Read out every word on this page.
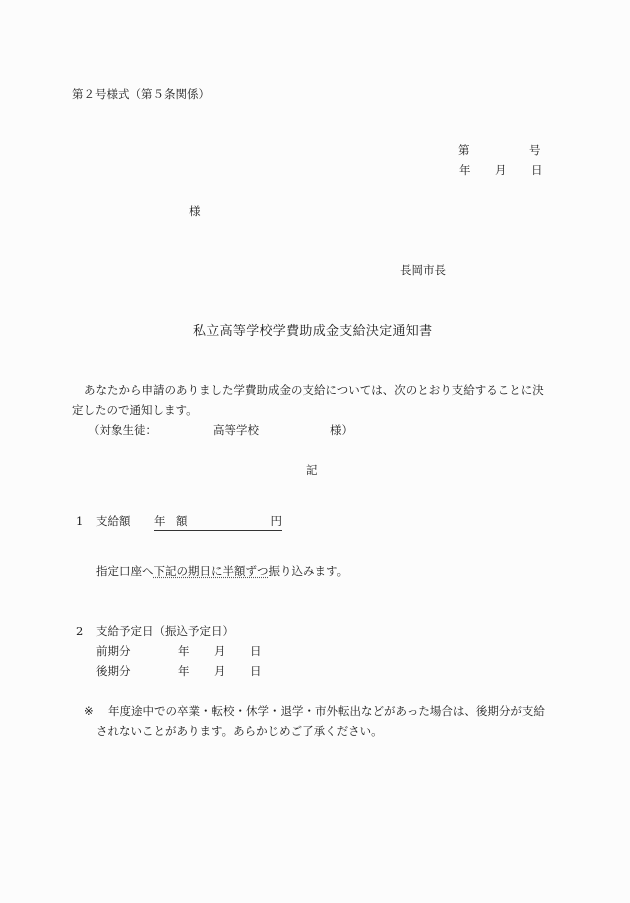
第２号様式（第５条関係）
第	号
年 月 日
様
長岡市長
私立高等学校学費助成金支給決定通知書
あなたから申請のありました学費助成金の支給については、次のとおり支給することに決
定したので通知します。
（対象生徒：	高等学校	様）
記
1 支給額 年 額	円
指定口座へ下記の期日に半額ずつ振り込みます。
2 支給予定日（振込予定日）
前期分	年 月 日
後期分	年 月 日
※ 年度途中での卒業・転校・休学・退学・市外転出などがあった場合は、後期分が支給
されないことがあります。あらかじめご了承ください。
